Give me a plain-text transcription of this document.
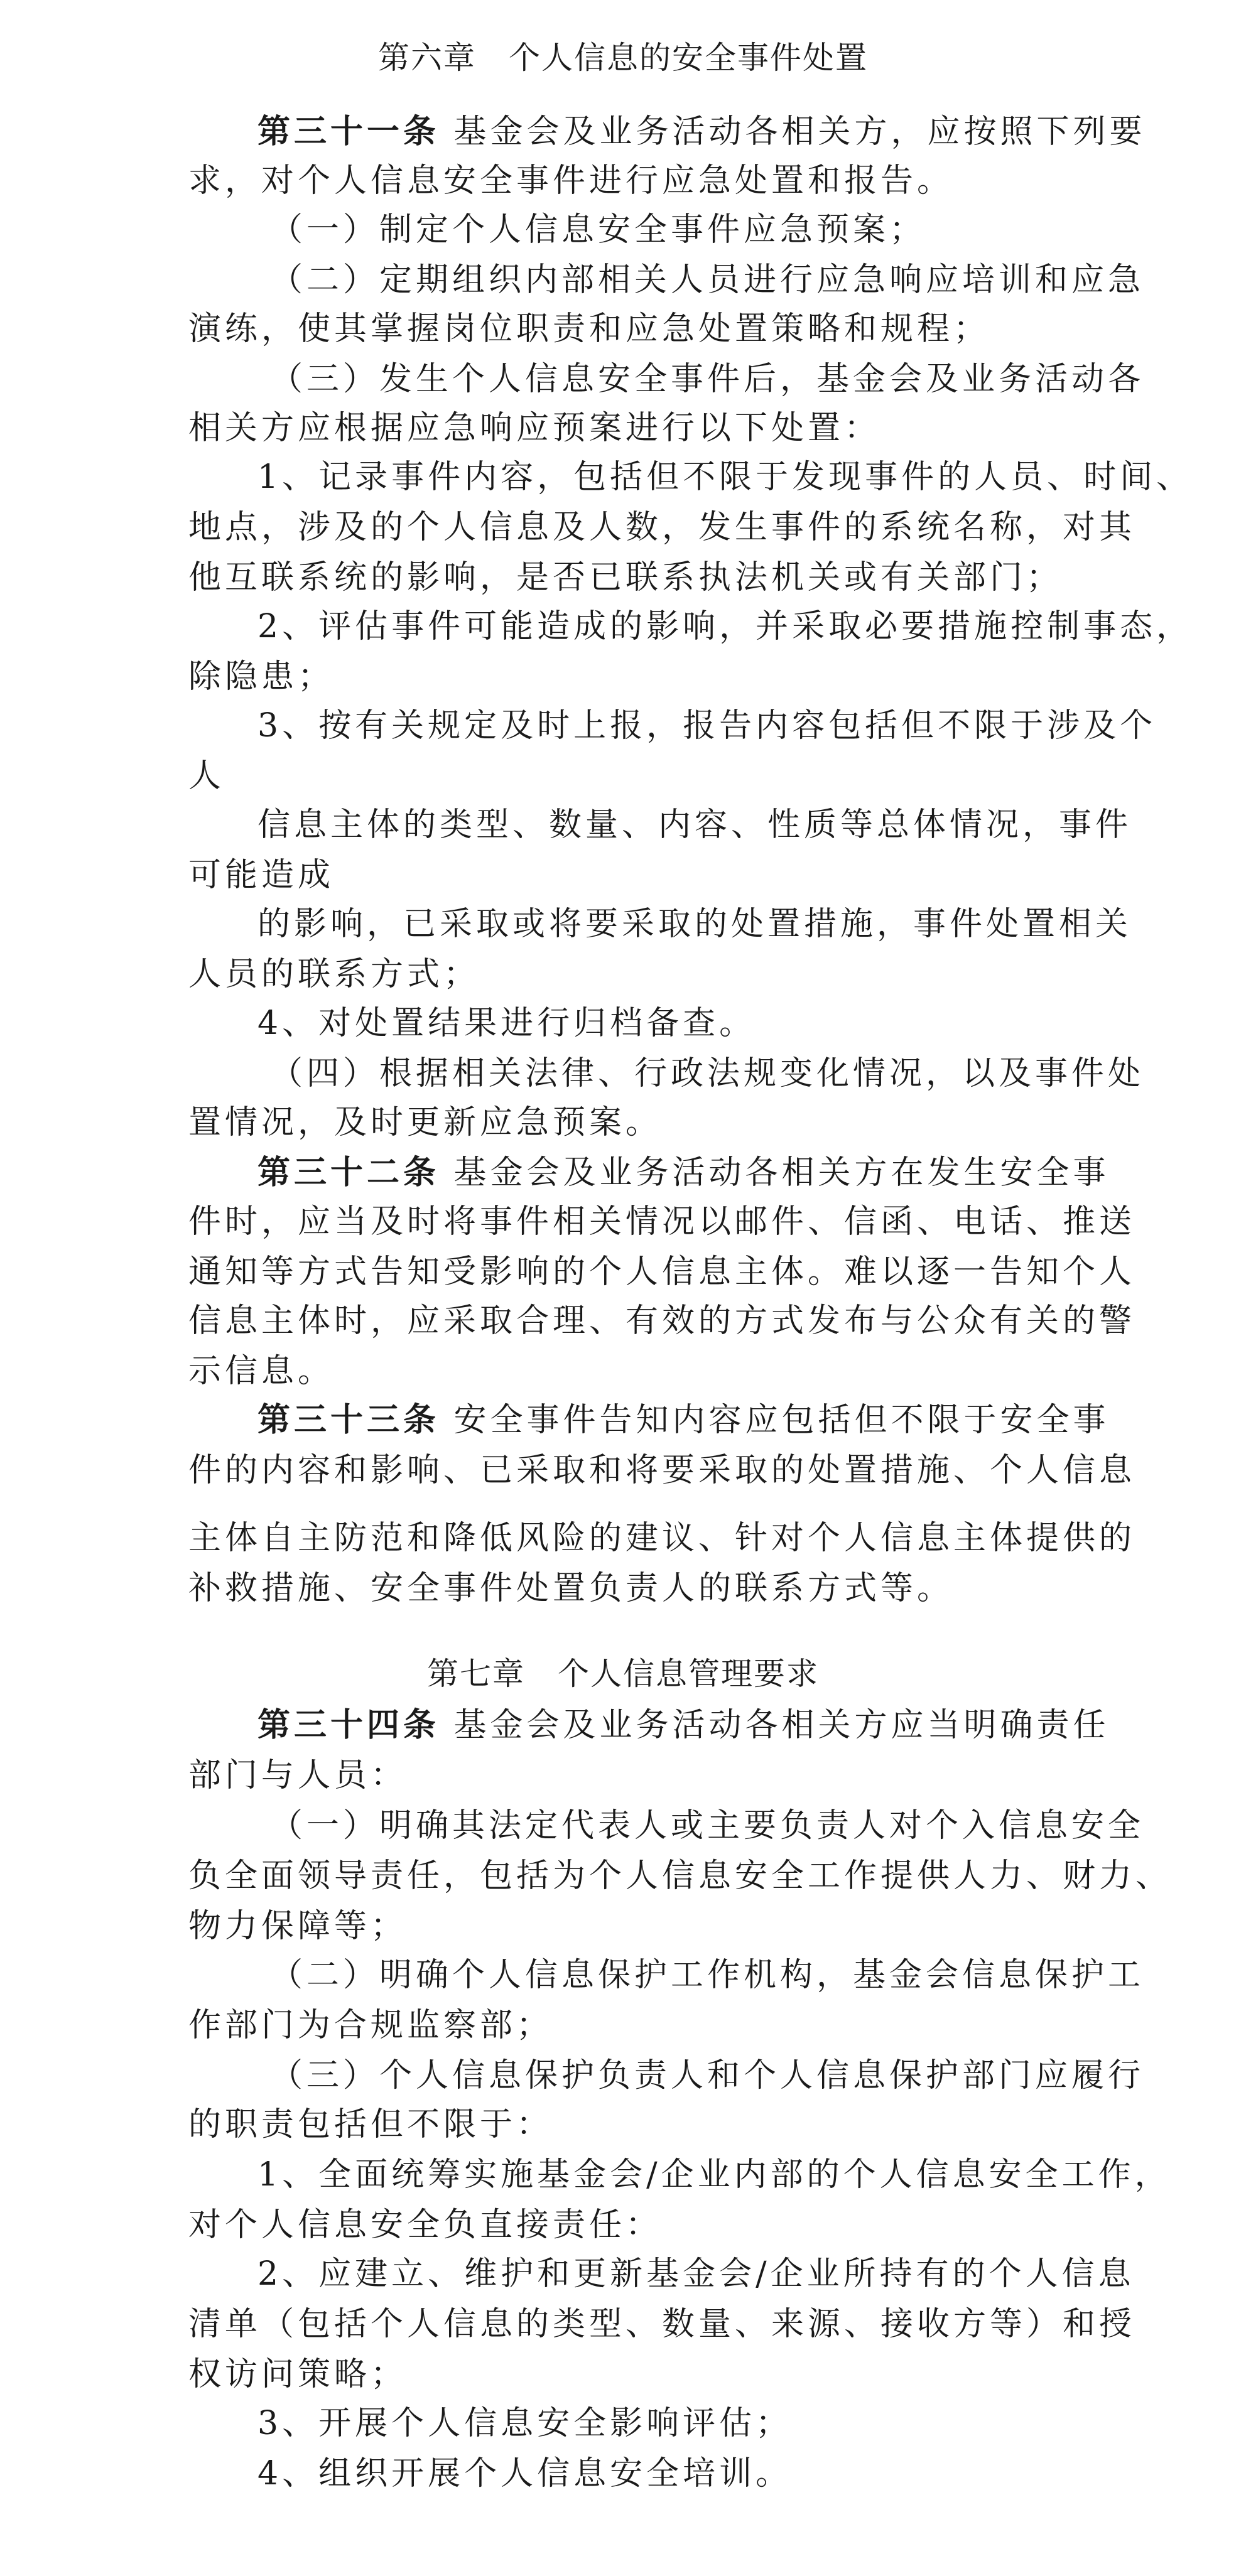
第六章　个人信息的安全事件处置
第三十一条 基金会及业务活动各相关方，应按照下列要
求，对个人信息安全事件进行应急处置和报告。
（一）制定个人信息安全事件应急预案；
（二）定期组织内部相关人员进行应急响应培训和应急
演练，使其掌握岗位职责和应急处置策略和规程；
（三）发生个人信息安全事件后，基金会及业务活动各
相关方应根据应急响应预案进行以下处置：
1、记录事件内容，包括但不限于发现事件的人员、时间、
地点，涉及的个人信息及人数，发生事件的系统名称，对其
他互联系统的影响，是否已联系执法机关或有关部门；
2、评估事件可能造成的影响，并采取必要措施控制事态，
除隐患；
3、按有关规定及时上报，报告内容包括但不限于涉及个
人
信息主体的类型、数量、内容、性质等总体情况，事件
可能造成
的影响，已采取或将要采取的处置措施，事件处置相关
人员的联系方式；
4、对处置结果进行归档备查。
（四）根据相关法律、行政法规变化情况，以及事件处
置情况，及时更新应急预案。
第三十二条 基金会及业务活动各相关方在发生安全事
件时，应当及时将事件相关情况以邮件、信函、电话、推送
通知等方式告知受影响的个人信息主体。难以逐一告知个人
信息主体时，应采取合理、有效的方式发布与公众有关的警
示信息。
第三十三条 安全事件告知内容应包括但不限于安全事
件的内容和影响、已采取和将要采取的处置措施、个人信息
主体自主防范和降低风险的建议、针对个人信息主体提供的
补救措施、安全事件处置负责人的联系方式等。
第七章　个人信息管理要求
第三十四条 基金会及业务活动各相关方应当明确责任
部门与人员：
（一）明确其法定代表人或主要负责人对个入信息安全
负全面领导责任，包括为个人信息安全工作提供人力、财力、
物力保障等；
（二）明确个人信息保护工作机构，基金会信息保护工
作部门为合规监察部；
（三）个人信息保护负责人和个人信息保护部门应履行
的职责包括但不限于：
1、全面统筹实施基金会/企业内部的个人信息安全工作，
对个人信息安全负直接责任：
2、应建立、维护和更新基金会/企业所持有的个人信息
清单（包括个人信息的类型、数量、来源、接收方等）和授
权访问策略；
3、开展个人信息安全影响评估；
4、组织开展个人信息安全培训。
